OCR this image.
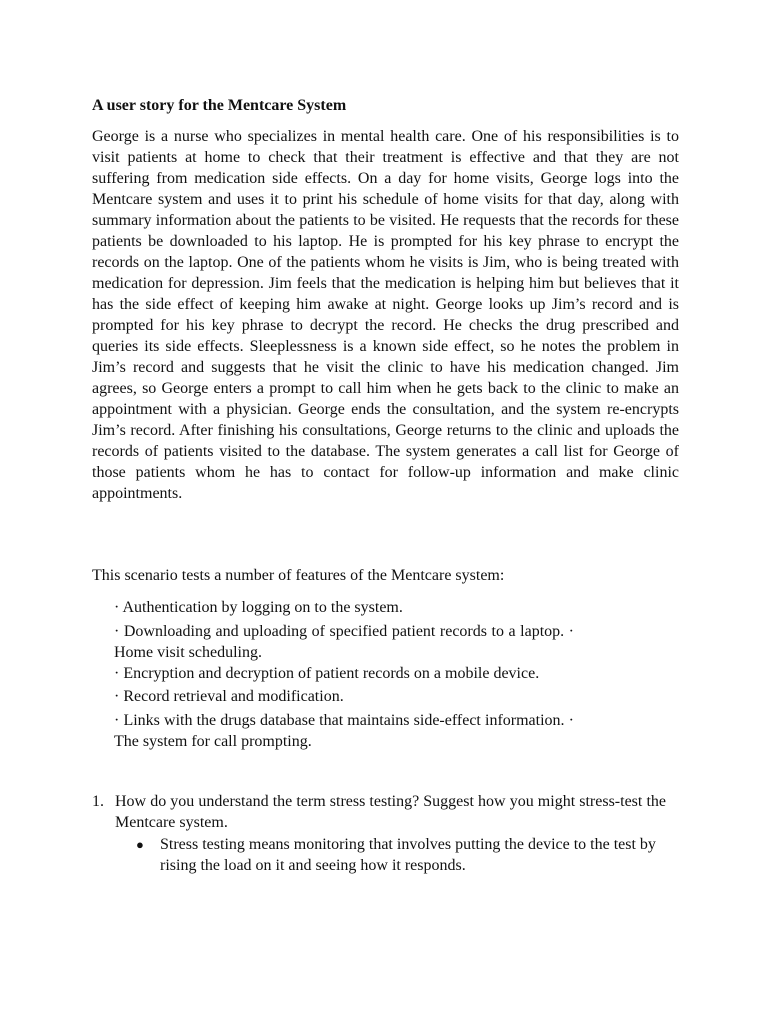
A user story for the Mentcare System

George is a nurse who specializes in mental health care. One of his responsibilities is to visit patients at home to check that their treatment is effective and that they are not suffering from medication side effects. On a day for home visits, George logs into the Mentcare system and uses it to print his schedule of home visits for that day, along with summary information about the patients to be visited. He requests that the records for these patients be downloaded to his laptop. He is prompted for his key phrase to encrypt the records on the laptop. One of the patients whom he visits is Jim, who is being treated with medication for depression. Jim feels that the medication is helping him but believes that it has the side effect of keeping him awake at night. George looks up Jim’s record and is prompted for his key phrase to decrypt the record. He checks the drug prescribed and queries its side effects. Sleeplessness is a known side effect, so he notes the problem in Jim’s record and suggests that he visit the clinic to have his medication changed. Jim agrees, so George enters a prompt to call him when he gets back to the clinic to make an appointment with a physician. George ends the consultation, and the system re-encrypts Jim’s record. After finishing his consultations, George returns to the clinic and uploads the records of patients visited to the database. The system generates a call list for George of those patients whom he has to contact for follow-up information and make clinic appointments.

This scenario tests a number of features of the Mentcare system:

· Authentication by logging on to the system.

· Downloading and uploading of specified patient records to a laptop. · Home visit scheduling.

· Encryption and decryption of patient records on a mobile device.

· Record retrieval and modification.

· Links with the drugs database that maintains side-effect information. · The system for call prompting.

1. How do you understand the term stress testing? Suggest how you might stress-test the Mentcare system.
●	Stress testing means monitoring that involves putting the device to the test by rising the load on it and seeing how it responds.
